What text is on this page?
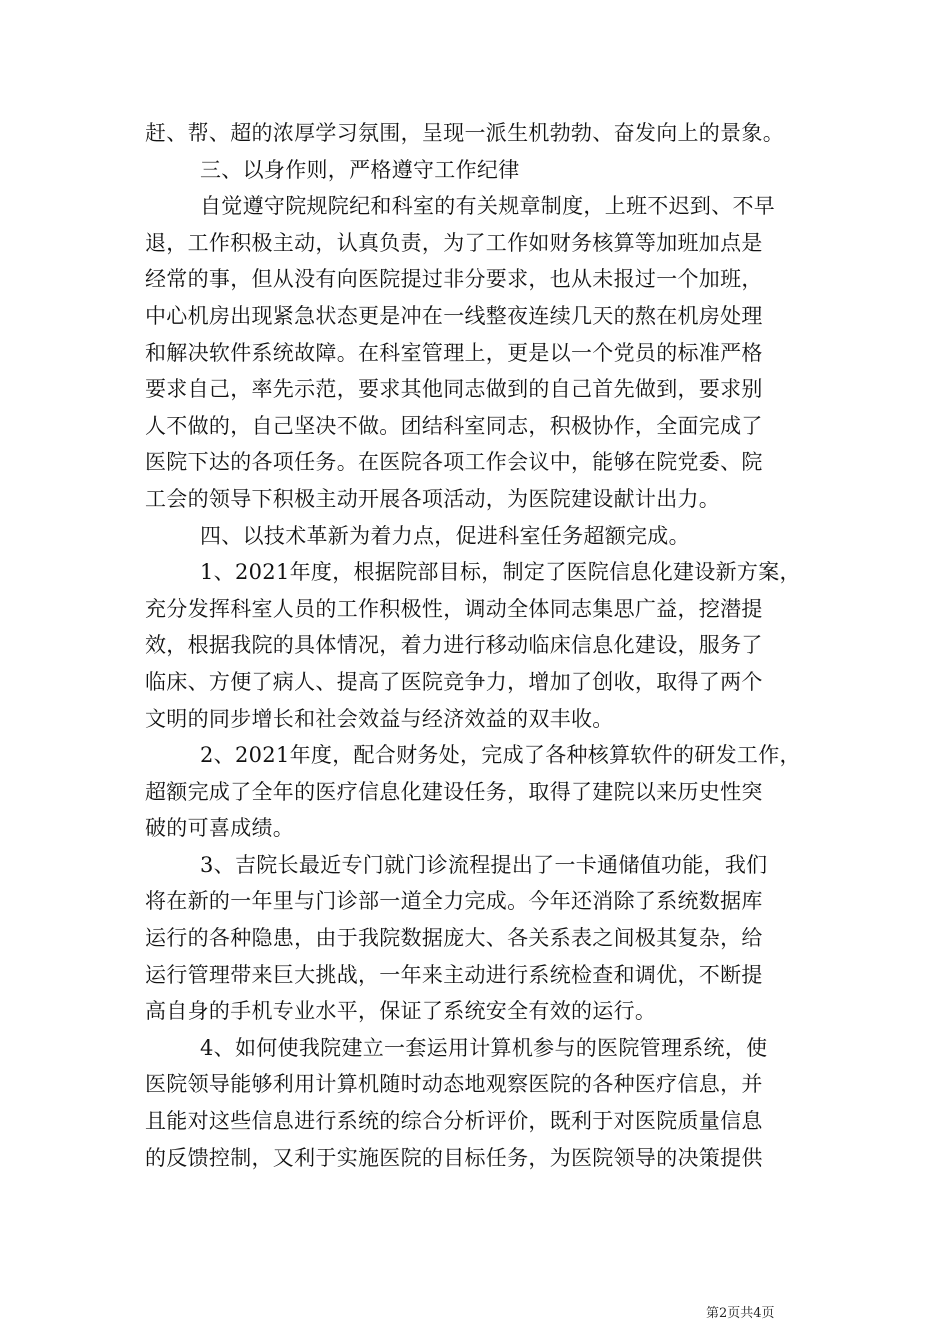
赶、帮、超的浓厚学习氛围，呈现一派生机勃勃、奋发向上的景象。
三、以身作则，严格遵守工作纪律
自觉遵守院规院纪和科室的有关规章制度，上班不迟到、不早
退，工作积极主动，认真负责，为了工作如财务核算等加班加点是
经常的事，但从没有向医院提过非分要求，也从未报过一个加班，
中心机房出现紧急状态更是冲在一线整夜连续几天的熬在机房处理
和解决软件系统故障。在科室管理上，更是以一个党员的标准严格
要求自己，率先示范，要求其他同志做到的自己首先做到，要求别
人不做的，自己坚决不做。团结科室同志，积极协作，全面完成了
医院下达的各项任务。在医院各项工作会议中，能够在院党委、院
工会的领导下积极主动开展各项活动，为医院建设献计出力。
四、以技术革新为着力点，促进科室任务超额完成。
1、2021年度，根据院部目标，制定了医院信息化建设新方案，
充分发挥科室人员的工作积极性，调动全体同志集思广益，挖潜提
效，根据我院的具体情况，着力进行移动临床信息化建设，服务了
临床、方便了病人、提高了医院竞争力，增加了创收，取得了两个
文明的同步增长和社会效益与经济效益的双丰收。
2、2021年度，配合财务处，完成了各种核算软件的研发工作，
超额完成了全年的医疗信息化建设任务，取得了建院以来历史性突
破的可喜成绩。
3、吉院长最近专门就门诊流程提出了一卡通储值功能，我们
将在新的一年里与门诊部一道全力完成。今年还消除了系统数据库
运行的各种隐患，由于我院数据庞大、各关系表之间极其复杂，给
运行管理带来巨大挑战，一年来主动进行系统检查和调优，不断提
高自身的手机专业水平，保证了系统安全有效的运行。
4、如何使我院建立一套运用计算机参与的医院管理系统，使
医院领导能够利用计算机随时动态地观察医院的各种医疗信息，并
且能对这些信息进行系统的综合分析评价，既利于对医院质量信息
的反馈控制，又利于实施医院的目标任务，为医院领导的决策提供
第2页共4页
